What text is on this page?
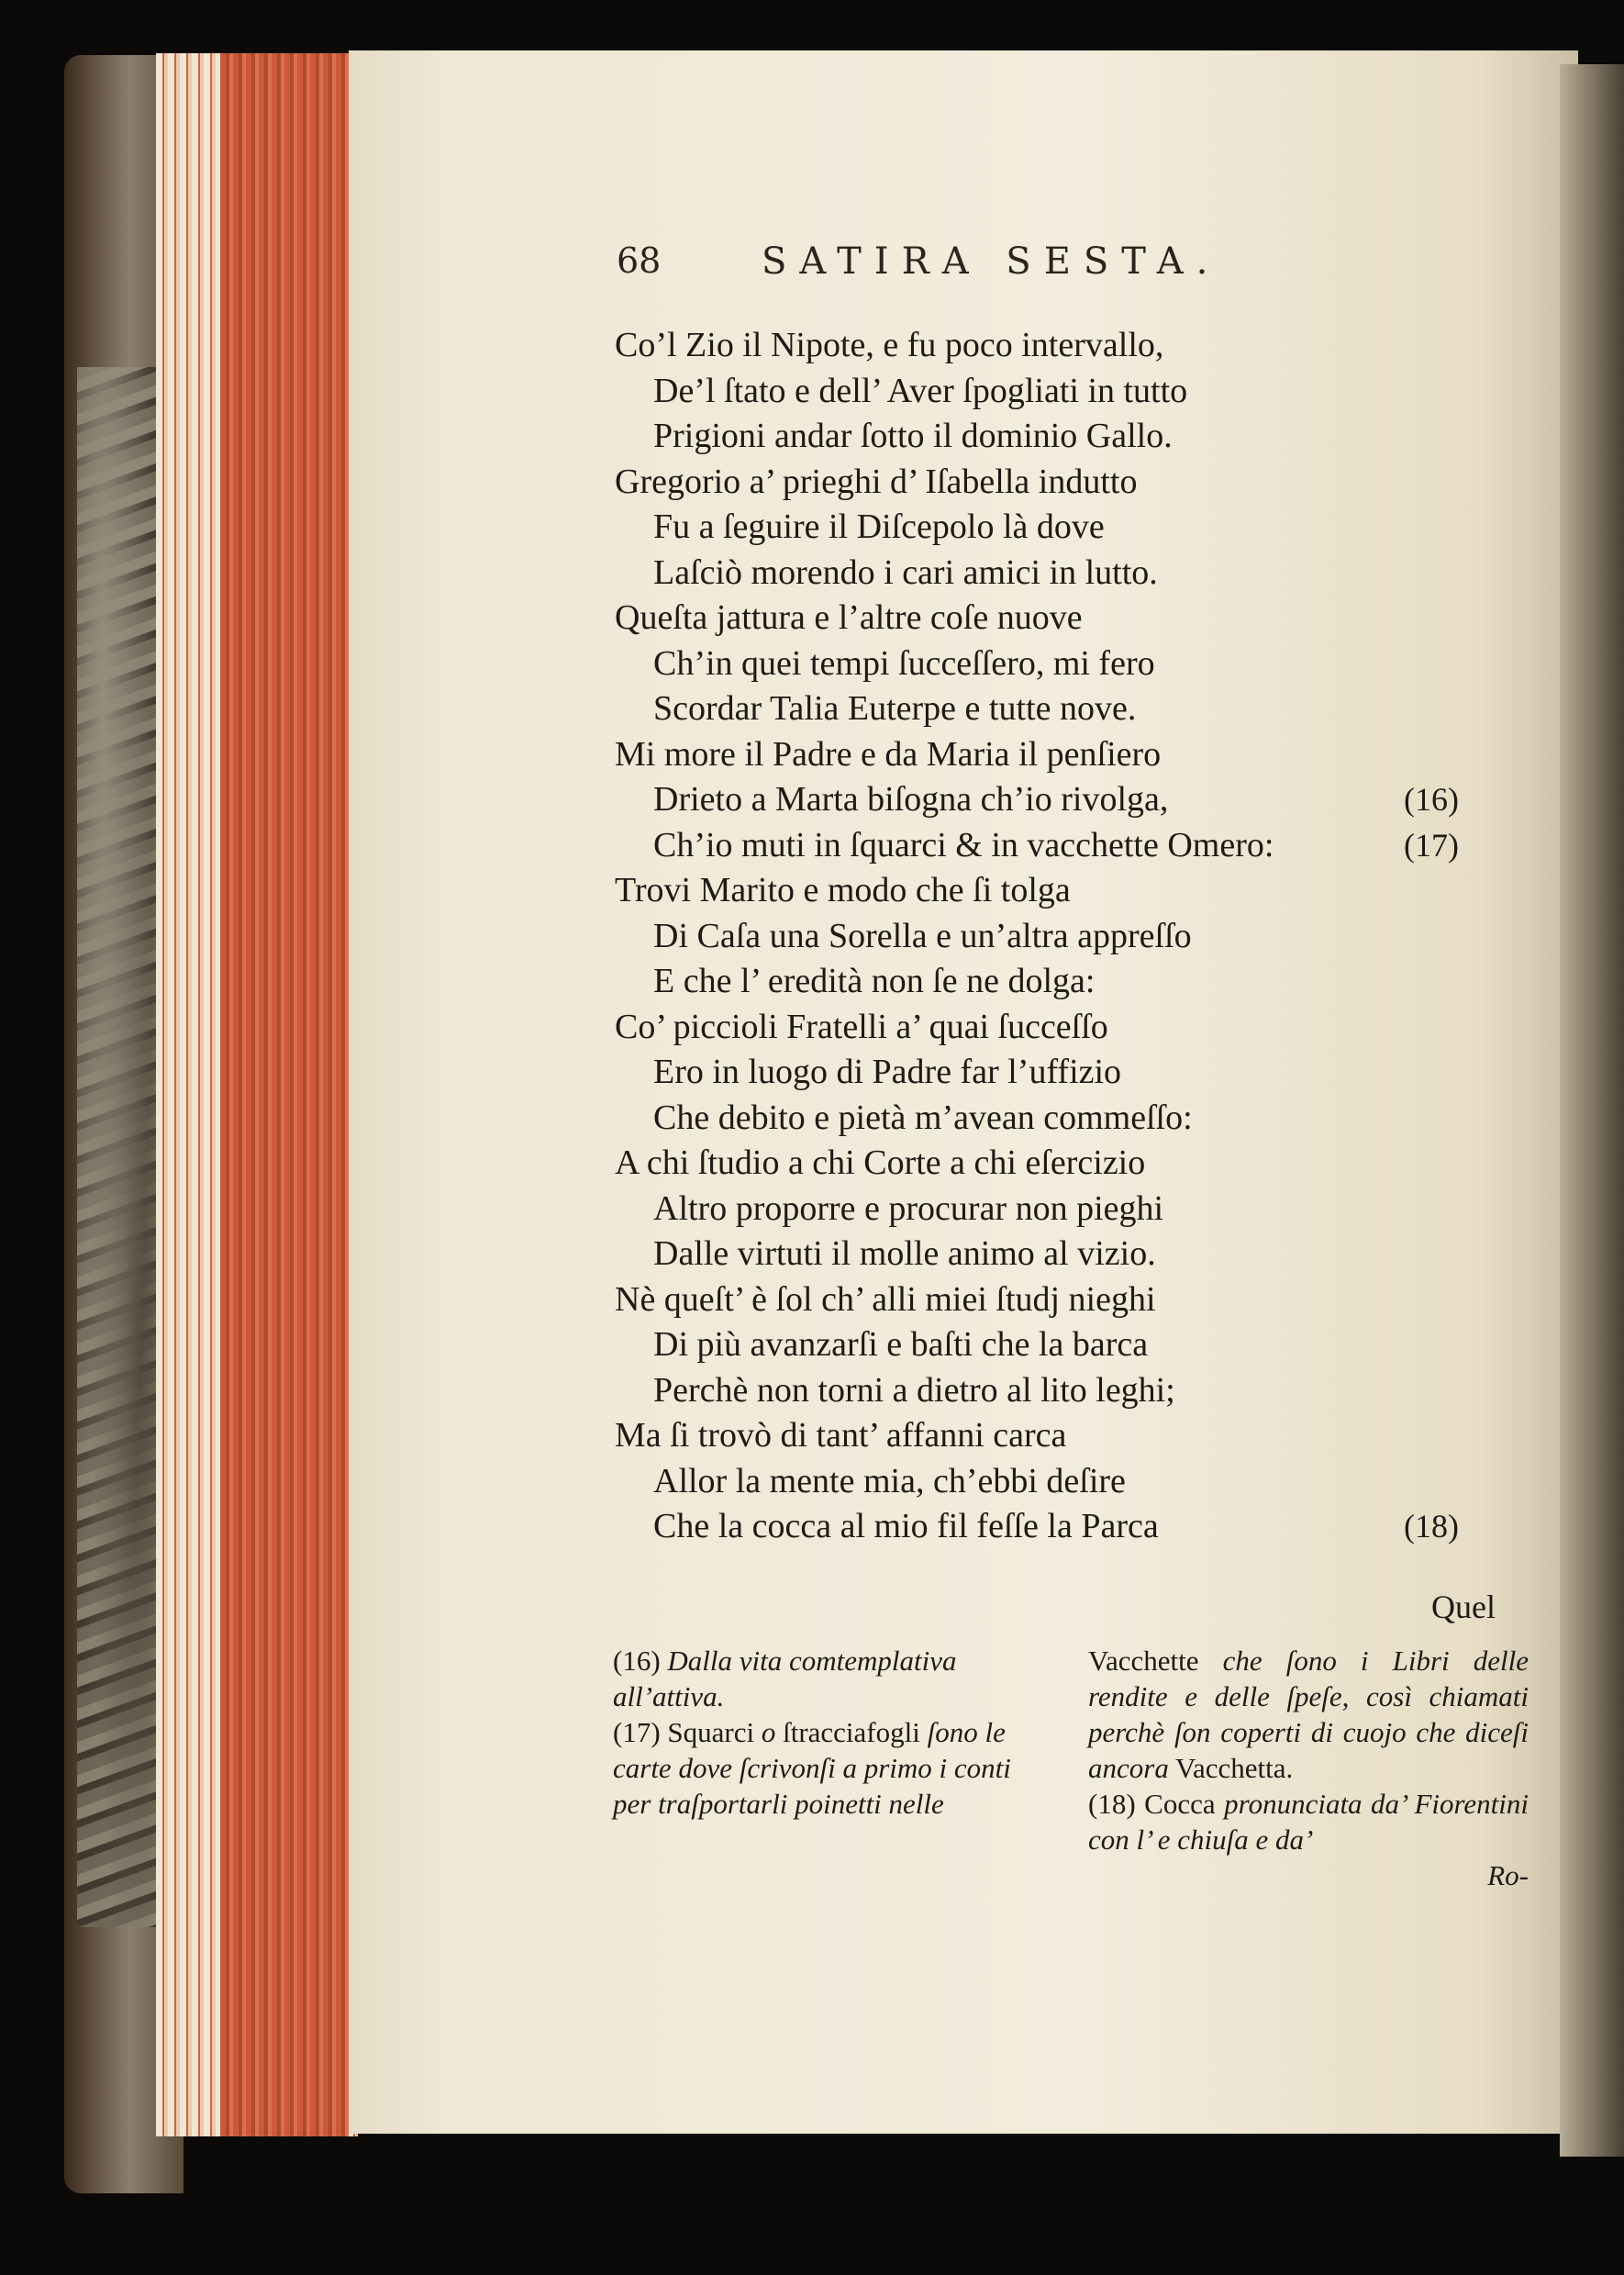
68	SATIRA SESTA.
Co’l Zio il Nipote, e fu poco intervallo,
De’l ſtato e dell’ Aver ſpogliati in tutto
Prigioni andar ſotto il dominio Gallo.
Gregorio a’ prieghi d’ Iſabella indutto
Fu a ſeguire il Diſcepolo là dove
Laſciò morendo i cari amici in lutto.
Queſta jattura e l’altre coſe nuove
Ch’in quei tempi ſucceſſero, mi fero
Scordar Talia Euterpe e tutte nove.
Mi more il Padre e da Maria il penſiero
Drieto a Marta biſogna ch’io rivolga,	(16)
Ch’io muti in ſquarci & in vacchette Omero:	(17)
Trovi Marito e modo che ſi tolga
Di Caſa una Sorella e un’altra appreſſo
E che l’ eredità non ſe ne dolga:
Co’ piccioli Fratelli a’ quai ſucceſſo
Ero in luogo di Padre far l’uffizio
Che debito e pietà m’avean commeſſo:
A chi ſtudio a chi Corte a chi eſercizio
Altro proporre e procurar non pieghi
Dalle virtuti il molle animo al vizio.
Nè queſt’ è ſol ch’ alli miei ſtudj nieghi
Di più avanzarſi e baſti che la barca
Perchè non torni a dietro al lito leghi;
Ma ſi trovò di tant’ affanni carca
Allor la mente mia, ch’ebbi deſire
Che la cocca al mio fil feſſe la Parca	(18)
Quel

(16) Dalla vita comtemplativa all’attiva.

(17) Squarci o ſtracciafogli ſono le carte dove ſcrivonſi a primo i conti per traſportarli poinetti nelle

Vacchette che ſono i Libri delle rendite e delle ſpeſe, così chiamati perchè ſon coperti di cuojo che diceſi ancora Vacchetta.

(18) Cocca pronunciata da’ Fiorentini con l’ e chiuſa e da’

Ro-
